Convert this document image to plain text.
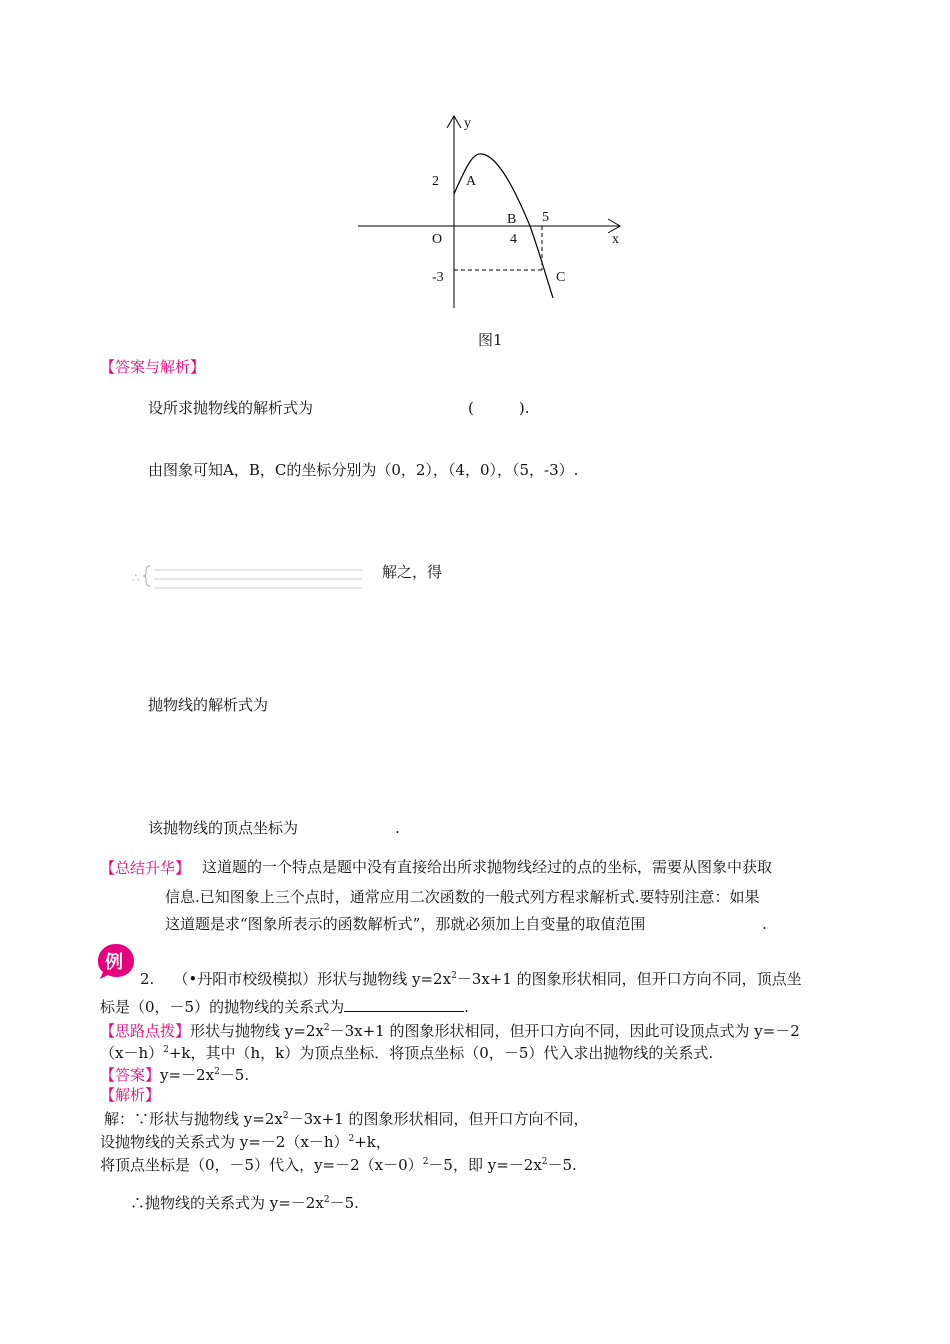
y
x
O
A
B
C
2
4
5
-3
图1
【答案与解析】
设所求抛物线的解析式为	(　　　).
由图象可知A，B，C的坐标分别为（0，2），（4，0），（5，-3）.
∴	解之，得
抛物线的解析式为
该抛物线的顶点坐标为	.
【总结升华】 这道题的一个特点是题中没有直接给出所求抛物线经过的点的坐标，需要从图象中获取
信息.已知图象上三个点时，通常应用二次函数的一般式列方程求解析式.要特别注意：如果
这道题是求“图象所表示的函数解析式”，那就必须加上自变量的取值范围	.
例
2. （•丹阳市校级模拟）形状与抛物线 $y=2x^2-3x+1$ 的图象形状相同，但开口方向不同，顶点坐
标是（0，－5）的抛物线的关系式为	.
【思路点拨】形状与抛物线 $y=2x^2-3x+1$ 的图象形状相同，但开口方向不同，因此可设顶点式为 y=－2
$(x-h)^2+k$，其中（h，k）为顶点坐标．将顶点坐标（0，－5）代入求出抛物线的关系式.
【答案】$y=-2x^2-5$.
【解析】
解：∵形状与抛物线 $y=2x^2-3x+1$ 的图象形状相同，但开口方向不同，
设抛物线的关系式为 $y=-2(x-h)^2+k$，
将顶点坐标是（0，－5）代入，$y=-2(x-0)^2-5$，即 $y=-2x^2-5$.
∴抛物线的关系式为 $y=-2x^2-5$.
